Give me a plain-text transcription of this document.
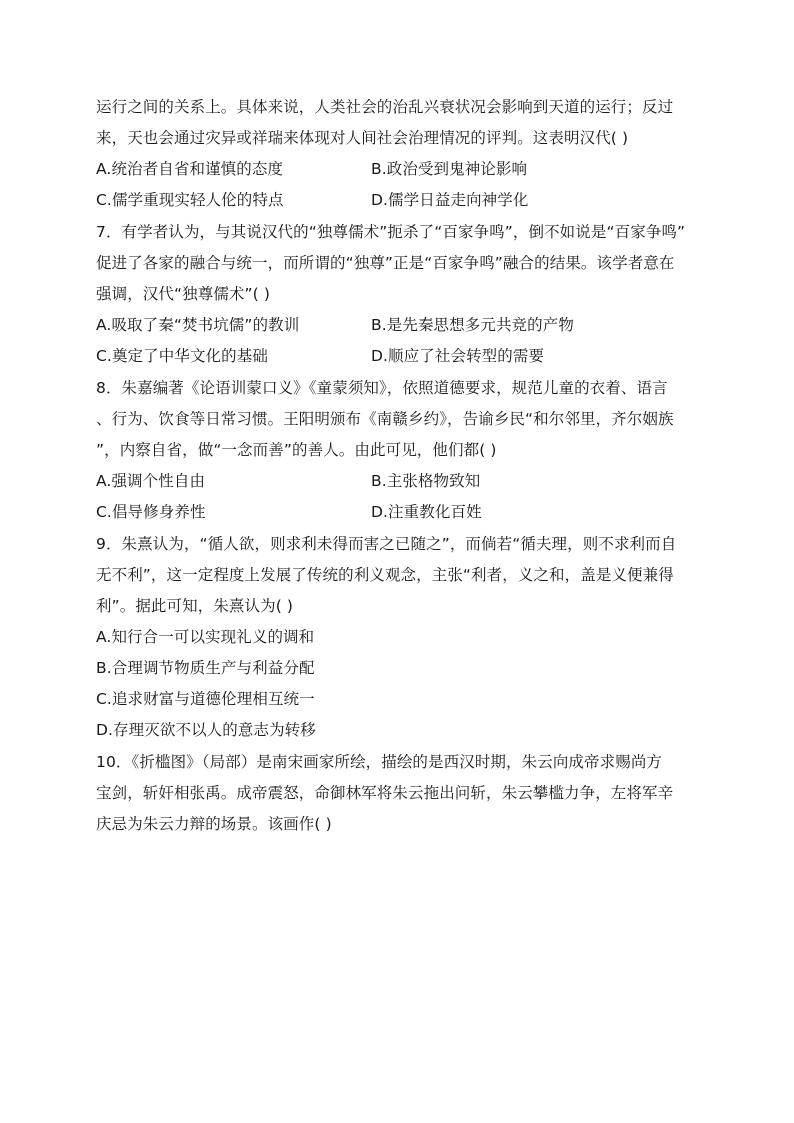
运行之间的关系上。具体来说，人类社会的治乱兴衰状况会影响到天道的运行；反过
来，天也会通过灾异或祥瑞来体现对人间社会治理情况的评判。这表明汉代( )
A.统治者自省和谨慎的态度	B.政治受到鬼神论影响
C.儒学重现实轻人伦的特点	D.儒学日益走向神学化
7．有学者认为，与其说汉代的“独尊儒术”扼杀了“百家争鸣”，倒不如说是“百家争鸣”
促进了各家的融合与统一，而所谓的“独尊”正是“百家争鸣”融合的结果。该学者意在
强调，汉代“独尊儒术”( )
A.吸取了秦“焚书坑儒”的教训	B.是先秦思想多元共竞的产物
C.奠定了中华文化的基础	D.顺应了社会转型的需要
8．朱嘉编著《论语训蒙口义》《童蒙须知》，依照道德要求，规范儿童的衣着、语言
、行为、饮食等日常习惯。王阳明颁布《南赣乡约》，告谕乡民“和尔邻里，齐尔姻族
”，内察自省，做“一念而善”的善人。由此可见，他们都( )
A.强调个性自由	B.主张格物致知
C.倡导修身养性	D.注重教化百姓
9．朱熹认为，“循人欲，则求利未得而害之已随之”，而倘若“循夫理，则不求利而自
无不利”，这一定程度上发展了传统的利义观念，主张“利者，义之和，盖是义便兼得
利”。据此可知，朱熹认为( )
A.知行合一可以实现礼义的调和
B.合理调节物质生产与利益分配
C.追求财富与道德伦理相互统一
D.存理灭欲不以人的意志为转移
10．《折槛图》（局部）是南宋画家所绘，描绘的是西汉时期，朱云向成帝求赐尚方
宝剑，斩奸相张禹。成帝震怒，命御林军将朱云拖出问斩，朱云攀槛力争，左将军辛
庆忌为朱云力辩的场景。该画作( )
